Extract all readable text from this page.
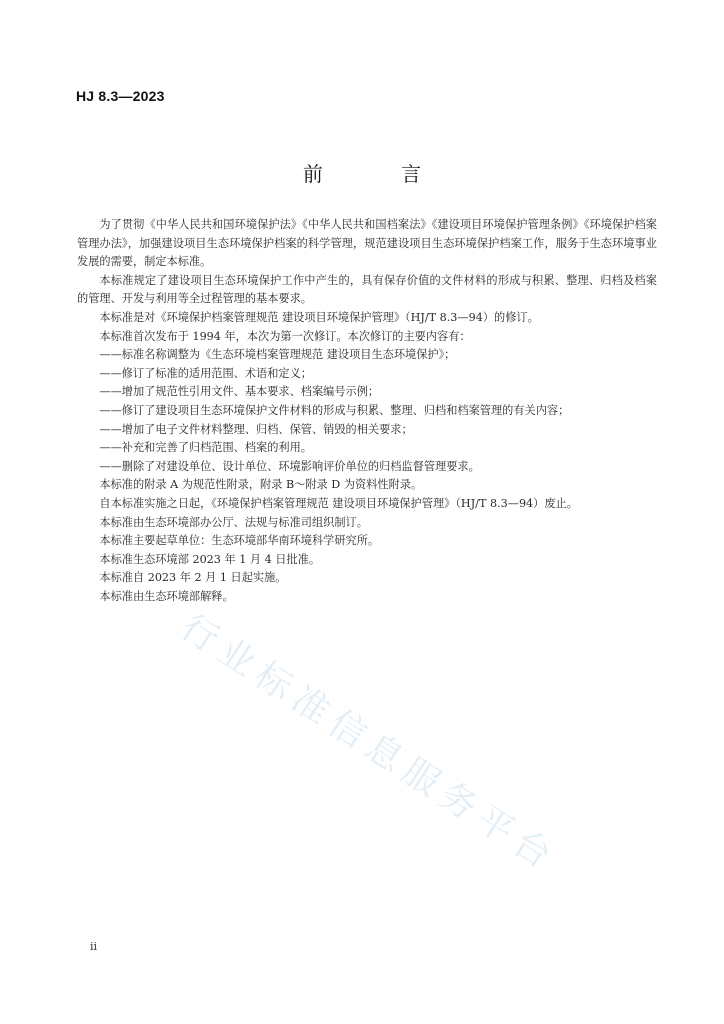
HJ 8.3—2023
前 言

为了贯彻《中华人民共和国环境保护法》《中华人民共和国档案法》《建设项目环境保护管理条例》《环境保护档案管理办法》，加强建设项目生态环境保护档案的科学管理，规范建设项目生态环境保护档案工作，服务于生态环境事业发展的需要，制定本标准。

本标准规定了建设项目生态环境保护工作中产生的，具有保存价值的文件材料的形成与积累、整理、归档及档案的管理、开发与利用等全过程管理的基本要求。

本标准是对《环境保护档案管理规范 建设项目环境保护管理》（HJ/T 8.3—94）的修订。

本标准首次发布于 1994 年，本次为第一次修订。本次修订的主要内容有：

——标准名称调整为《生态环境档案管理规范 建设项目生态环境保护》；

——修订了标准的适用范围、术语和定义；

——增加了规范性引用文件、基本要求、档案编号示例；

——修订了建设项目生态环境保护文件材料的形成与积累、整理、归档和档案管理的有关内容；

——增加了电子文件材料整理、归档、保管、销毁的相关要求；

——补充和完善了归档范围、档案的利用。

——删除了对建设单位、设计单位、环境影响评价单位的归档监督管理要求。

本标准的附录 A 为规范性附录，附录 B～附录 D 为资料性附录。

自本标准实施之日起，《环境保护档案管理规范 建设项目环境保护管理》（HJ/T 8.3—94）废止。

本标准由生态环境部办公厅、法规与标准司组织制订。

本标准主要起草单位：生态环境部华南环境科学研究所。

本标准生态环境部 2023 年 1 月 4 日批准。

本标准自 2023 年 2 月 1 日起实施。

本标准由生态环境部解释。

行业标准信息服务平台
ii
